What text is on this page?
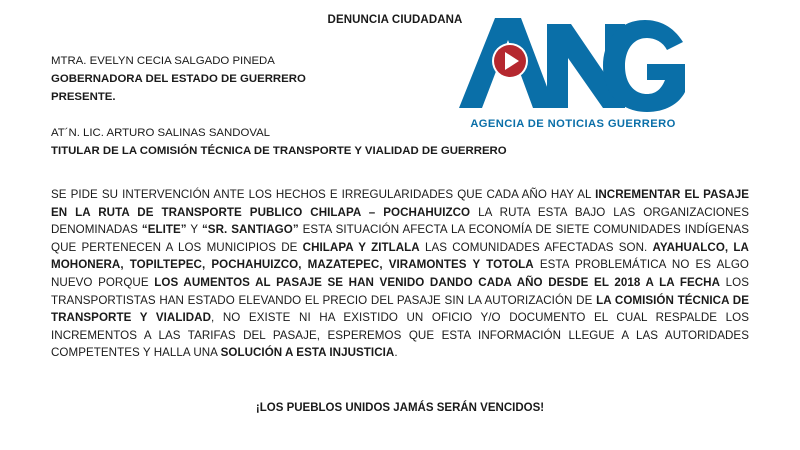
DENUNCIA CIUDADANA
AGENCIA DE NOTICIAS GUERRERO
MTRA. EVELYN CECIA SALGADO PINEDA
GOBERNADORA DEL ESTADO DE GUERRERO
PRESENTE.
AT´N. LIC. ARTURO SALINAS SANDOVAL
TITULAR DE LA COMISIÓN TÉCNICA DE TRANSPORTE Y VIALIDAD DE GUERRERO
SE PIDE SU INTERVENCIÓN ANTE LOS HECHOS E IRREGULARIDADES QUE CADA AÑO HAY AL INCREMENTAR EL PASAJE EN LA RUTA DE TRANSPORTE PUBLICO CHILAPA – POCHAHUIZCO LA RUTA ESTA BAJO LAS ORGANIZACIONES DENOMINADAS “ELITE” Y “SR. SANTIAGO” ESTA SITUACIÓN AFECTA LA ECONOMÍA DE SIETE COMUNIDADES INDÍGENAS QUE PERTENECEN A LOS MUNICIPIOS DE CHILAPA Y ZITLALA LAS COMUNIDADES AFECTADAS SON. AYAHUALCO, LA MOHONERA, TOPILTEPEC, POCHAHUIZCO, MAZATEPEC, VIRAMONTES Y TOTOLA ESTA PROBLEMÁTICA NO ES ALGO NUEVO PORQUE LOS AUMENTOS AL PASAJE SE HAN VENIDO DANDO CADA AÑO DESDE EL 2018 A LA FECHA LOS TRANSPORTISTAS HAN ESTADO ELEVANDO EL PRECIO DEL PASAJE SIN LA AUTORIZACIÓN DE LA COMISIÓN TÉCNICA DE TRANSPORTE Y VIALIDAD, NO EXISTE NI HA EXISTIDO UN OFICIO Y/O DOCUMENTO EL CUAL RESPALDE LOS INCREMENTOS A LAS TARIFAS DEL PASAJE, ESPEREMOS QUE ESTA INFORMACIÓN LLEGUE A LAS AUTORIDADES COMPETENTES Y HALLA UNA SOLUCIÓN A ESTA INJUSTICIA.
¡LOS PUEBLOS UNIDOS JAMÁS SERÁN VENCIDOS!
